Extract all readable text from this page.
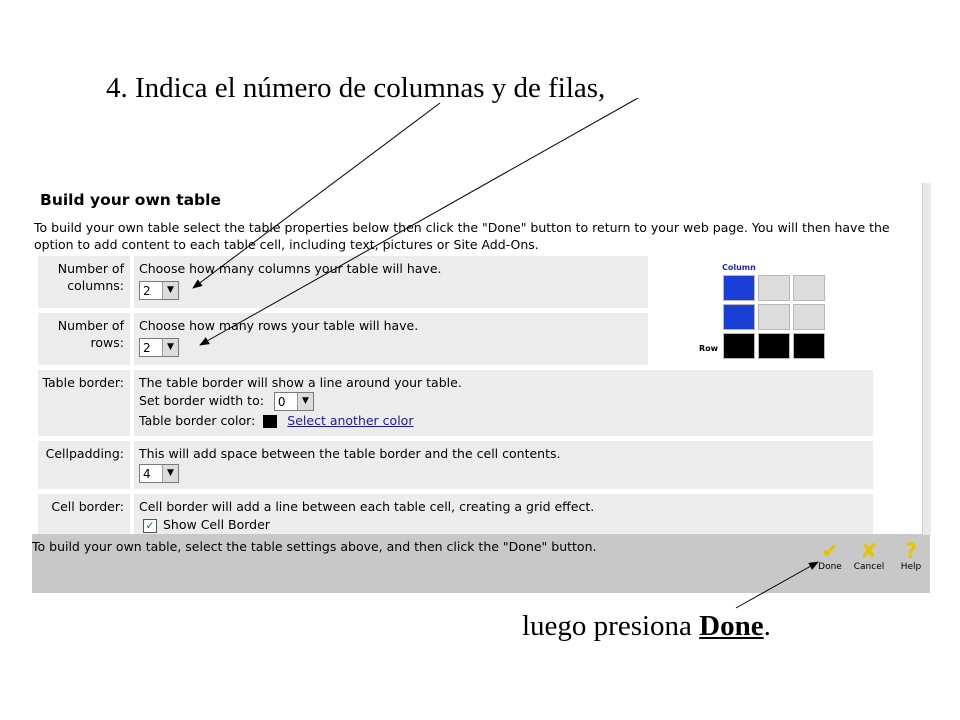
4. Indica el número de columnas y de filas,
Build your own table
To build your own table select the table properties below then click the "Done" button to return to your web page. You will then have the option to add content to each table cell, including text, pictures or Site Add-Ons.
Number of columns:
Choose how many columns your table will have.
2	▼
Number of rows:
Choose how many rows your table will have.
2	▼
Column
Row
Table border:	The table border will show a line around your table.
Set border width to: 0	▼
Table border color:	Select another color
Cellpadding:	This will add space between the table border and the cell contents.
4	▼
Cell border:	Cell border will add a line between each table cell, creating a grid effect.
✓ Show Cell Border
To build your own table, select the table settings above, and then click the "Done" button.	✔
Done
✘
Cancel
?
Help
luego presiona Done.
